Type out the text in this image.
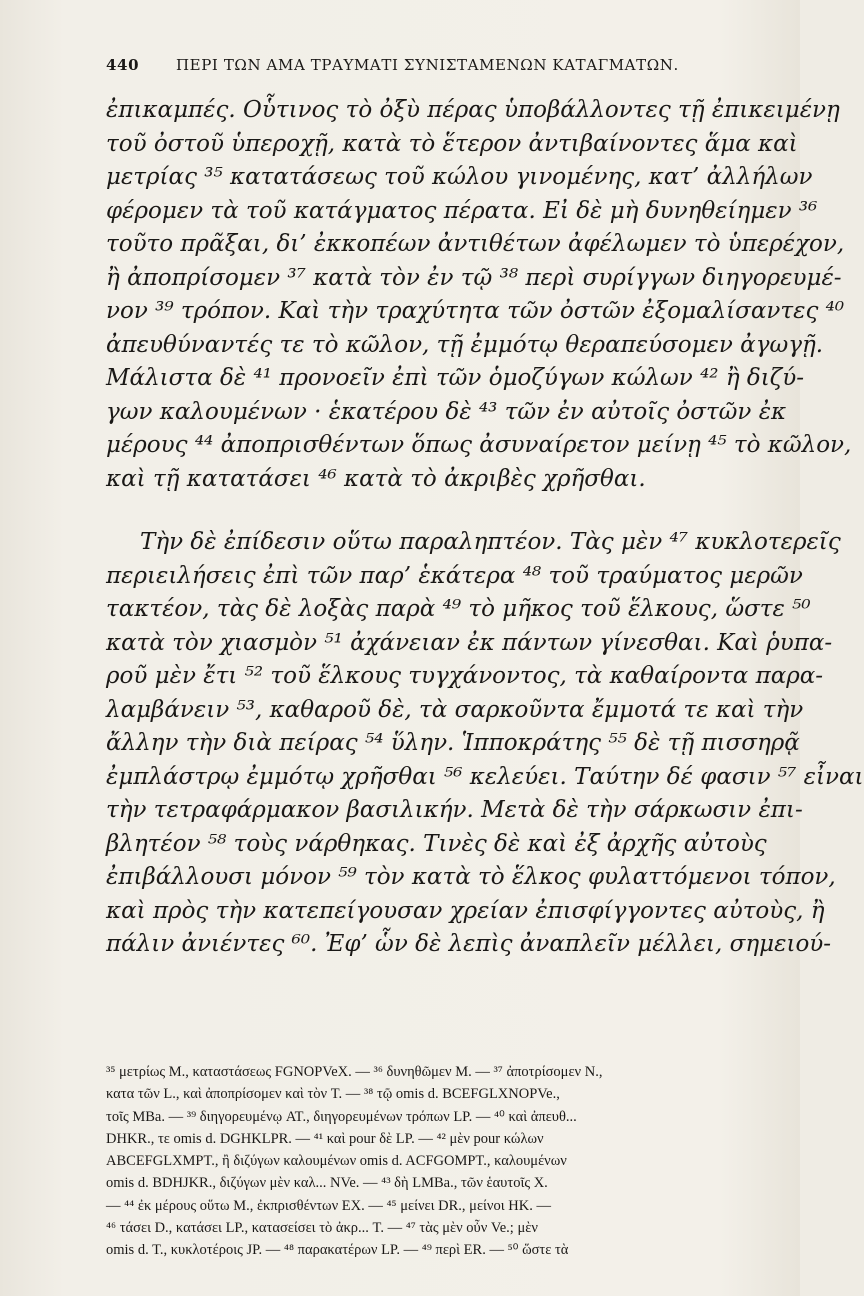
440 ΠΕΡΙ ΤΩΝ ΑΜΑ ΤΡΑΥΜΑΤΙ ΣΥΝΙΣΤΑΜΕΝΩΝ ΚΑΤΑΓΜΑΤΩΝ.
ἐπικαμπές. Οὗτινος τὸ ὀξὺ πέρας ὑποβάλλοντες τῇ ἐπικειμένῃ
τοῦ ὀστοῦ ὑπεροχῇ, κατὰ τὸ ἕτερον ἀντιβαίνοντες ἅμα καὶ
μετρίας ³⁵ κατατάσεως τοῦ κώλου γινομένης, κατ’ ἀλλήλων
φέρομεν τὰ τοῦ κατάγματος πέρατα. Εἰ δὲ μὴ δυνηθείημεν ³⁶
τοῦτο πρᾶξαι, δι’ ἐκκοπέων ἀντιθέτων ἀφέλωμεν τὸ ὑπερέχον,
ἢ ἀποπρίσομεν ³⁷ κατὰ τὸν ἐν τῷ ³⁸ περὶ συρίγγων διηγορευμέ-
νον ³⁹ τρόπον. Καὶ τὴν τραχύτητα τῶν ὀστῶν ἐξομαλίσαντες ⁴⁰
ἀπευθύναντές τε τὸ κῶλον, τῇ ἐμμότῳ θεραπεύσομεν ἀγωγῇ.
Μάλιστα δὲ ⁴¹ προνοεῖν ἐπὶ τῶν ὁμοζύγων κώλων ⁴² ἢ διζύ-
γων καλουμένων · ἑκατέρου δὲ ⁴³ τῶν ἐν αὐτοῖς ὀστῶν ἐκ
μέρους ⁴⁴ ἀποπρισθέντων ὅπως ἀσυναίρετον μείνῃ ⁴⁵ τὸ κῶλον,
καὶ τῇ κατατάσει ⁴⁶ κατὰ τὸ ἀκριβὲς χρῆσθαι.
Τὴν δὲ ἐπίδεσιν οὕτω παραληπτέον. Τὰς μὲν ⁴⁷ κυκλοτερεῖς
περιειλήσεις ἐπὶ τῶν παρ’ ἑκάτερα ⁴⁸ τοῦ τραύματος μερῶν
τακτέον, τὰς δὲ λοξὰς παρὰ ⁴⁹ τὸ μῆκος τοῦ ἕλκους, ὥστε ⁵⁰
κατὰ τὸν χιασμὸν ⁵¹ ἀχάνειαν ἐκ πάντων γίνεσθαι. Καὶ ῥυπα-
ροῦ μὲν ἔτι ⁵² τοῦ ἕλκους τυγχάνοντος, τὰ καθαίροντα παρα-
λαμβάνειν ⁵³, καθαροῦ δὲ, τὰ σαρκοῦντα ἔμμοτά τε καὶ τὴν
ἄλλην τὴν διὰ πείρας ⁵⁴ ὕλην. Ἱπποκράτης ⁵⁵ δὲ τῇ πισσηρᾷ
ἐμπλάστρῳ ἐμμότῳ χρῆσθαι ⁵⁶ κελεύει. Ταύτην δέ φασιν ⁵⁷ εἶναι
τὴν τετραφάρμακον βασιλικήν. Μετὰ δὲ τὴν σάρκωσιν ἐπι-
βλητέον ⁵⁸ τοὺς νάρθηκας. Τινὲς δὲ καὶ ἐξ ἀρχῆς αὐτοὺς
ἐπιβάλλουσι μόνον ⁵⁹ τὸν κατὰ τὸ ἕλκος φυλαττόμενοι τόπον,
καὶ πρὸς τὴν κατεπείγουσαν χρείαν ἐπισφίγγοντες αὐτοὺς, ἢ
πάλιν ἀνιέντες ⁶⁰. Ἐφ’ ὧν δὲ λεπὶς ἀναπλεῖν μέλλει, σημειού-
³⁵ μετρίως M., καταστάσεως FGNOPVeX. — ³⁶ δυνηθῶμεν M. — ³⁷ ἀποτρίσομεν N.,
κατα τῶν L., καὶ ἀποπρίσομεν καὶ τὸν T. — ³⁸ τῷ omis d. BCEFGLXNOPVe.,
τοῖς MBa. — ³⁹ διηγορευμένῳ AT., διηγορευμένων τρόπων LP. — ⁴⁰ καὶ ἀπευθ...
DHKR., τε omis d. DGHKLPR. — ⁴¹ καὶ pour δὲ LP. — ⁴² μὲν pour κώλων
ABCEFGLXMPT., ἢ διζύγων καλουμένων omis d. ACFGOMPT., καλουμένων
omis d. BDHJKR., διζύγων μὲν καλ... NVe. — ⁴³ δὴ LMBa., τῶν ἑαυτοῖς X.
— ⁴⁴ ἐκ μέρους οὕτω M., ἐκπρισθέντων EX. — ⁴⁵ μείνει DR., μείνοι HK. —
⁴⁶ τάσει D., κατάσει LP., κατασείσει τὸ ἀκρ... T. — ⁴⁷ τὰς μὲν οὖν Ve.; μὲν
omis d. T., κυκλοτέροις JP. — ⁴⁸ παρακατέρων LP. — ⁴⁹ περὶ ER. — ⁵⁰ ὥστε τὰ
